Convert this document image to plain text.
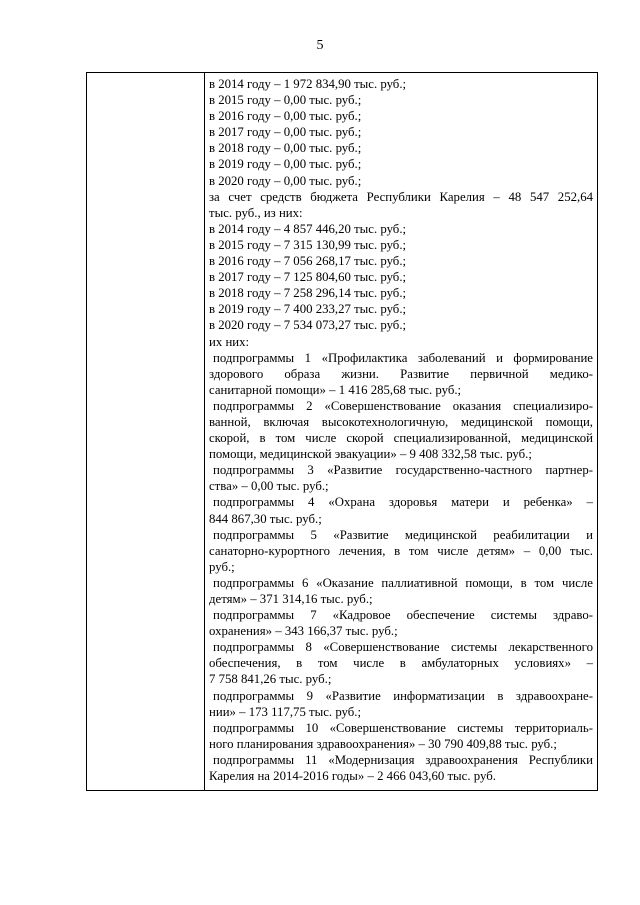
5
в 2014 году – 1 972 834,90 тыс. руб.;
в 2015 году – 0,00 тыс. руб.;
в 2016 году – 0,00 тыс. руб.;
в 2017 году – 0,00 тыс. руб.;
в 2018 году – 0,00 тыс. руб.;
в 2019 году – 0,00 тыс. руб.;
в 2020 году – 0,00 тыс. руб.;
за счет средств бюджета Республики Карелия – 48 547 252,64
тыс. руб., из них:
в 2014 году – 4 857 446,20 тыс. руб.;
в 2015 году – 7 315 130,99 тыс. руб.;
в 2016 году – 7 056 268,17 тыс. руб.;
в 2017 году – 7 125 804,60 тыс. руб.;
в 2018 году – 7 258 296,14 тыс. руб.;
в 2019 году – 7 400 233,27 тыс. руб.;
в 2020 году – 7 534 073,27 тыс. руб.;
их них:
подпрограммы 1 «Профилактика заболеваний и формирование
здорового образа жизни. Развитие первичной медико-
санитарной помощи» – 1 416 285,68 тыс. руб.;
подпрограммы 2 «Совершенствование оказания специализиро-
ванной, включая высокотехнологичную, медицинской помощи,
скорой, в том числе скорой специализированной, медицинской
помощи, медицинской эвакуации» – 9 408 332,58 тыс. руб.;
подпрограммы 3 «Развитие государственно-частного партнер-
ства» – 0,00 тыс. руб.;
подпрограммы 4 «Охрана здоровья матери и ребенка» –
844 867,30 тыс. руб.;
подпрограммы 5 «Развитие медицинской реабилитации и
санаторно-курортного лечения, в том числе детям» – 0,00 тыс.
руб.;
подпрограммы 6 «Оказание паллиативной помощи, в том числе
детям» – 371 314,16 тыс. руб.;
подпрограммы 7 «Кадровое обеспечение системы здраво-
охранения» – 343 166,37 тыс. руб.;
подпрограммы 8 «Совершенствование системы лекарственного
обеспечения, в том числе в амбулаторных условиях» –
7 758 841,26 тыс. руб.;
подпрограммы 9 «Развитие информатизации в здравоохране-
нии» – 173 117,75 тыс. руб.;
подпрограммы 10 «Совершенствование системы территориаль-
ного планирования здравоохранения» – 30 790 409,88 тыс. руб.;
подпрограммы 11 «Модернизация здравоохранения Республики
Карелия на 2014-2016 годы» – 2 466 043,60 тыс. руб.
